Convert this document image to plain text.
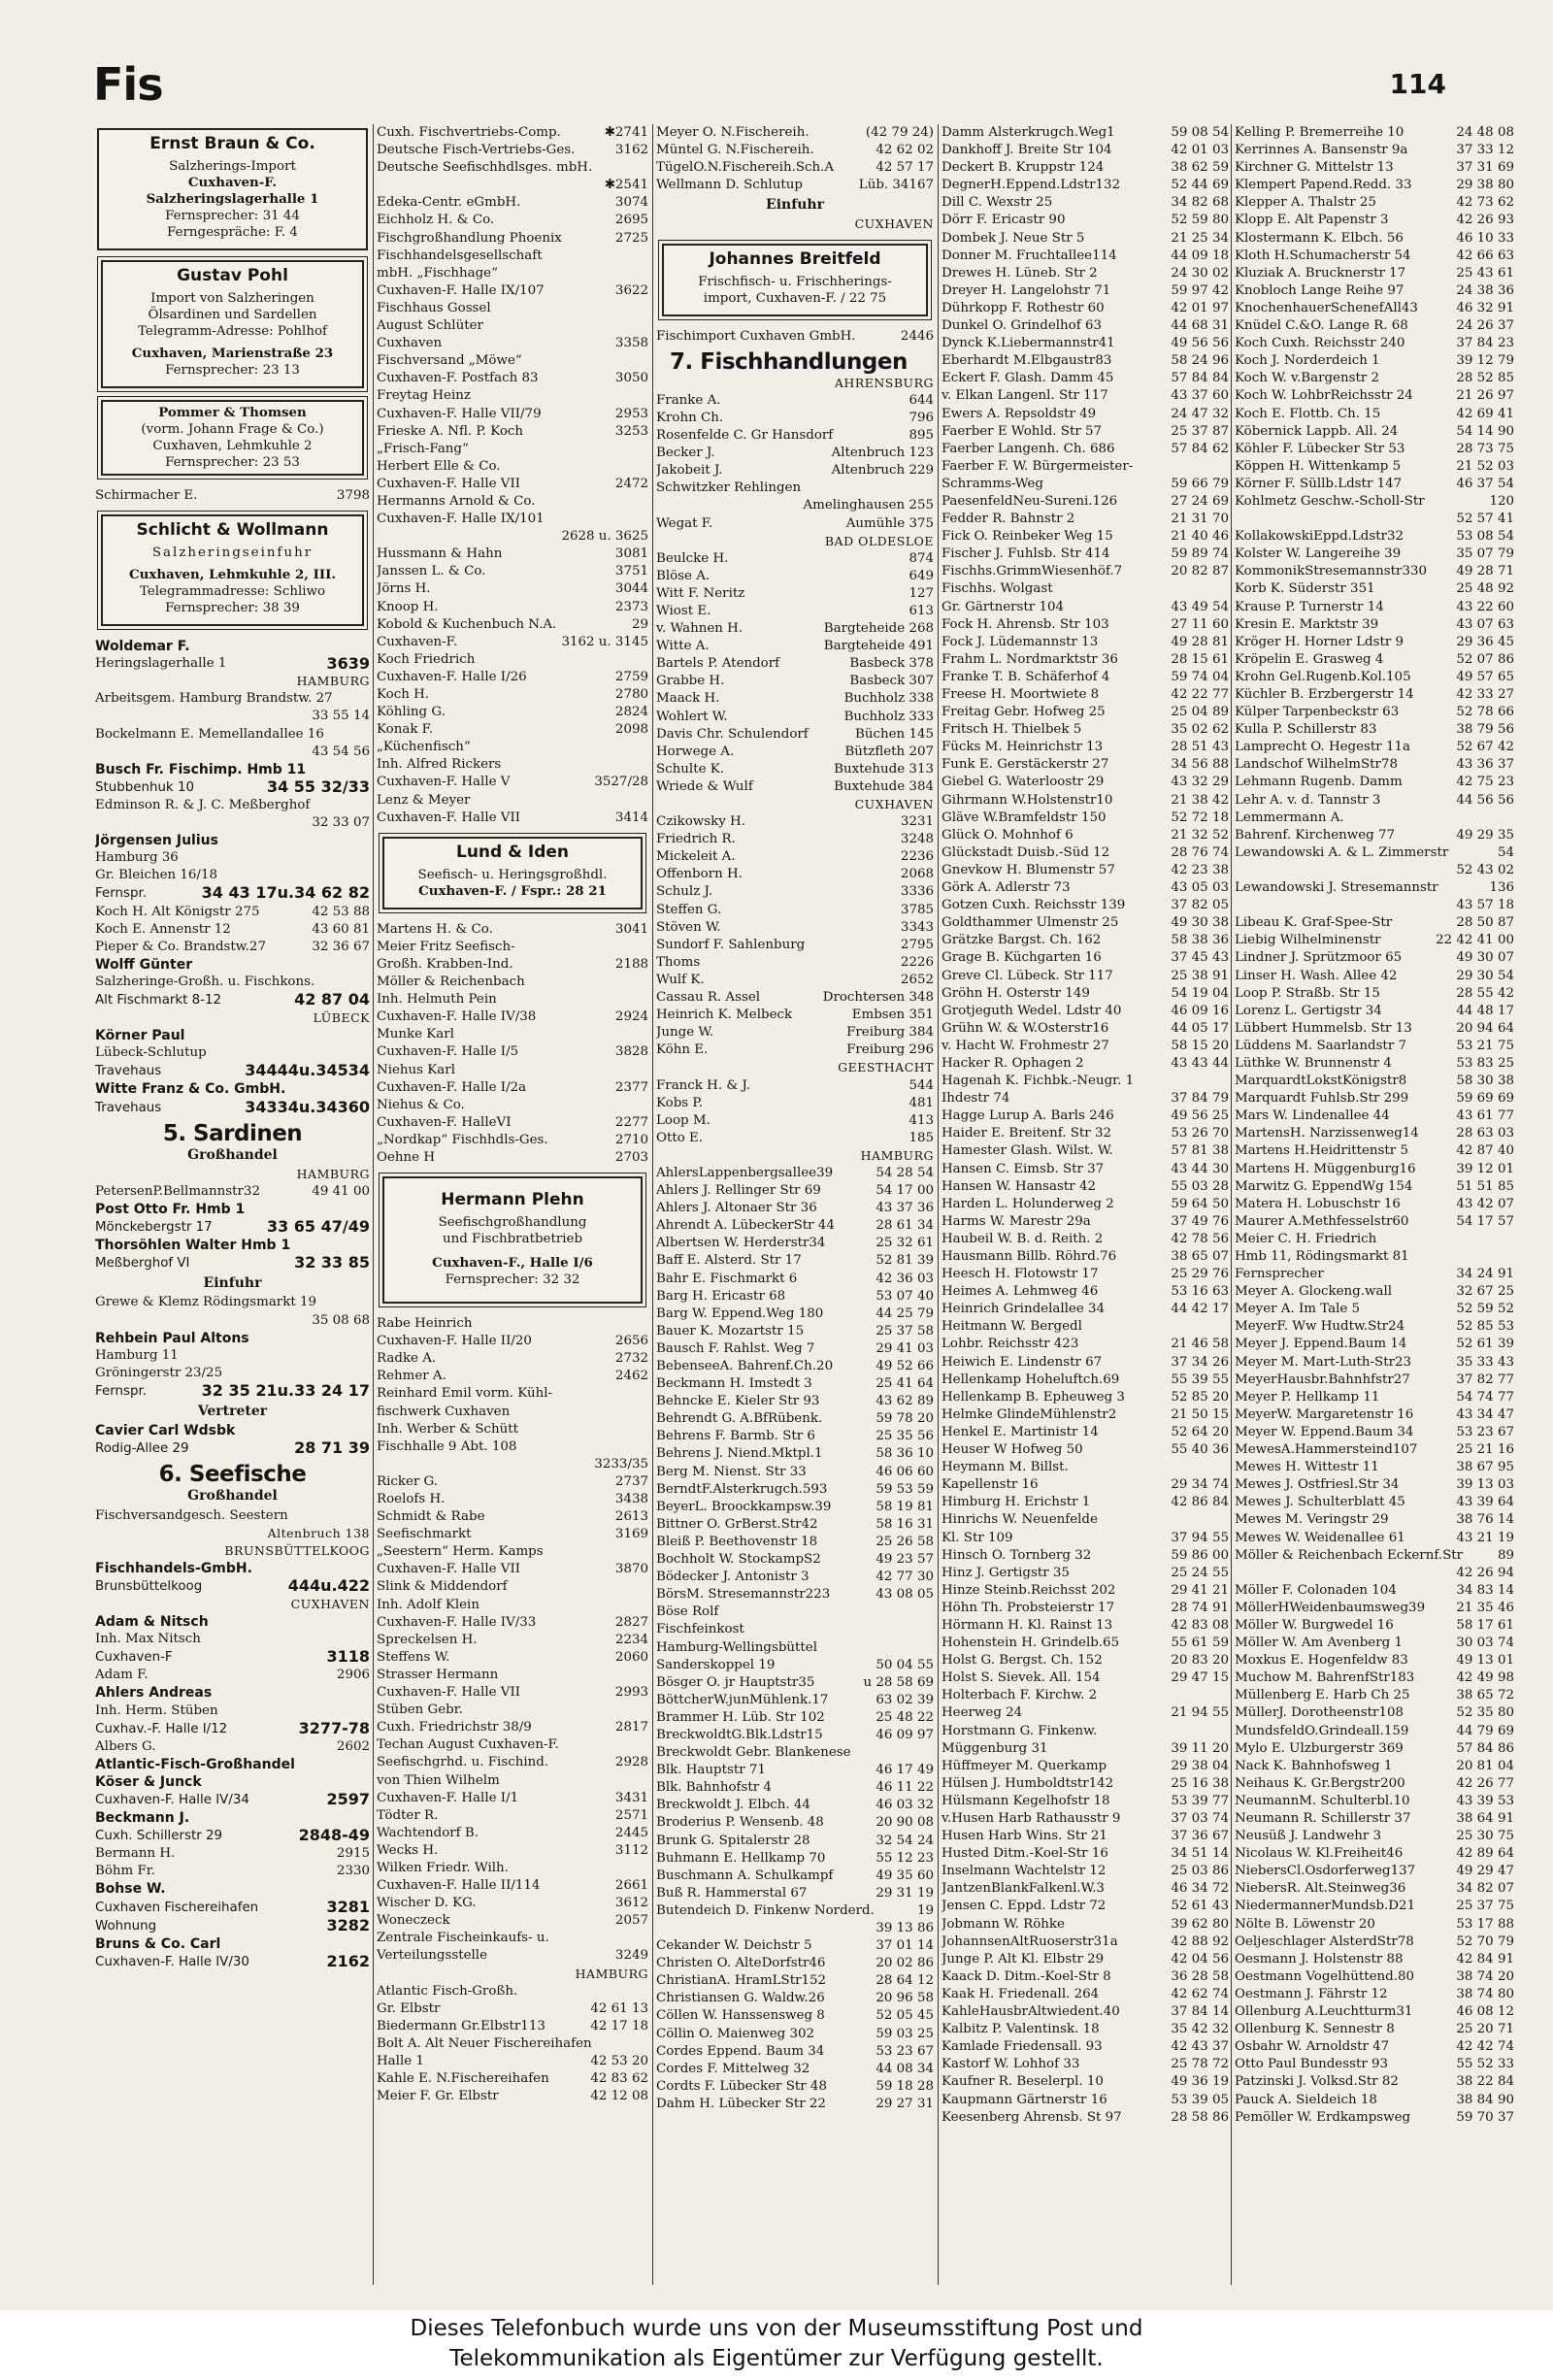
Fis	114
Ernst Braun & Co.
Salzherings-Import
Cuxhaven-F.
Salzheringslagerhalle 1
Fernsprecher: 31 44
Ferngespräche: F. 4
Gustav Pohl
Import von Salzheringen
Ölsardinen und Sardellen
Telegramm-Adresse: Pohlhof
Cuxhaven, Marienstraße 23
Fernsprecher: 23 13
Pommer & Thomsen
(vorm. Johann Frage & Co.)
Cuxhaven, Lehmkuhle 2
Fernsprecher: 23 53
3798
Schirmacher E.
Schlicht & Wollmann
Salzheringseinfuhr
Cuxhaven, Lehmkuhle 2, III.
Telegrammadresse: Schliwo
Fernsprecher: 38 39
Woldemar F.
3639
Heringslagerhalle 1
HAMBURG
Arbeitsgem. Hamburg Brandstw. 27
33 55 14

Bockelmann E. Memellandallee 16
43 54 56

Busch Fr. Fischimp. Hmb 11
34 55 32/33
Stubbenhuk 10
Edminson R. & J. C. Meßberghof
32 33 07

Jörgensen Julius
Hamburg 36
Gr. Bleichen 16/18
34 43 17u.34 62 82
Fernspr.
42 53 88
Koch H. Alt Königstr 275
43 60 81
Koch E. Annenstr 12
32 36 67
Pieper & Co. Brandstw.27
Wolff Günter
Salzheringe-Großh. u. Fischkons.
42 87 04
Alt Fischmarkt 8-12
LÜBECK
Körner Paul
Lübeck-Schlutup
34444u.34534
Travehaus
Witte Franz & Co. GmbH.
34334u.34360
Travehaus
5. Sardinen
Großhandel
HAMBURG
49 41 00
PetersenP.Bellmannstr32
Post Otto Fr. Hmb 1
33 65 47/49
Mönckebergstr 17
Thorsöhlen Walter Hmb 1
32 33 85
Meßberghof VI
Einfuhr
Grewe & Klemz Rödingsmarkt 19
35 08 68

Rehbein Paul Altons
Hamburg 11
Gröningerstr 23/25
32 35 21u.33 24 17
Fernspr.
Vertreter
Cavier Carl Wdsbk
28 71 39
Rodig-Allee 29
6. Seefische
Großhandel
Fischversandgesch. Seestern
Altenbruch 138
BRUNSBÜTTELKOOG
Fischhandels-GmbH.
444u.422
Brunsbüttelkoog
CUXHAVEN
Adam & Nitsch
Inh. Max Nitsch
3118
Cuxhaven-F
2906
Adam F.
Ahlers Andreas
Inh. Herm. Stüben
3277-78
Cuxhav.-F. Halle I/12
2602
Albers G.
Atlantic-Fisch-Großhandel
Köser & Junck
2597
Cuxhaven-F. Halle IV/34
Beckmann J.
2848-49
Cuxh. Schillerstr 29
2915
Bermann H.
2330
Böhm Fr.
Bohse W.
3281
Cuxhaven Fischereihafen
3282
Wohnung
Bruns & Co. Carl
2162
Cuxhaven-F. Halle IV/30
✱2741
Cuxh. Fischvertriebs-Comp.
3162
Deutsche Fisch-Vertriebs-Ges.
Deutsche Seefischhdlsges. mbH.
✱2541

3074
Edeka-Centr. eGmbH.
2695
Eichholz H. & Co.
2725
Fischgroßhandlung Phoenix
Fischhandelsgesellschaft
mbH. „Fischhage“
3622
Cuxhaven-F. Halle IX/107
Fischhaus Gossel
August Schlüter
3358
Cuxhaven
Fischversand „Möwe“
3050
Cuxhaven-F. Postfach 83
Freytag Heinz
2953
Cuxhaven-F. Halle VII/79
3253
Frieske A. Nfl. P. Koch
„Frisch-Fang“
Herbert Elle & Co.
2472
Cuxhaven-F. Halle VII
Hermanns Arnold & Co.
Cuxhaven-F. Halle IX/101
2628 u. 3625

3081
Hussmann & Hahn
3751
Janssen L. & Co.
3044
Jörns H.
2373
Knoop H.
29
Kobold & Kuchenbuch N.A.
3162 u. 3145
Cuxhaven-F.
Koch Friedrich
2759
Cuxhaven-F. Halle I/26
2780
Koch H.
2824
Köhling G.
2098
Konak F.
„Küchenfisch“
Inh. Alfred Rickers
3527/28
Cuxhaven-F. Halle V
Lenz & Meyer
3414
Cuxhaven-F. Halle VII
Lund & Iden
Seefisch- u. Heringsgroßhdl.
Cuxhaven-F. / Fspr.: 28 21
3041
Martens H. & Co.
Meier Fritz Seefisch-
2188
Großh. Krabben-Ind.
Möller & Reichenbach
Inh. Helmuth Pein
2924
Cuxhaven-F. Halle IV/38
Munke Karl
3828
Cuxhaven-F. Halle I/5
Niehus Karl
2377
Cuxhaven-F. Halle I/2a
Niehus & Co.
2277
Cuxhaven-F. HalleVI
2710
„Nordkap“ Fischhdls-Ges.
2703
Oehne H
Hermann Plehn
Seefischgroßhandlung
und Fischbratbetrieb
Cuxhaven-F., Halle I/6
Fernsprecher: 32 32
Rabe Heinrich
2656
Cuxhaven-F. Halle II/20
2732
Radke A.
2462
Rehmer A.
Reinhard Emil vorm. Kühl-
fischwerk Cuxhaven
Inh. Werber & Schütt
Fischhalle 9 Abt. 108
3233/35

2737
Ricker G.
3438
Roelofs H.
2613
Schmidt & Rabe
3169
Seefischmarkt
„Seestern“ Herm. Kamps
3870
Cuxhaven-F. Halle VII
Slink & Middendorf
Inh. Adolf Klein
2827
Cuxhaven-F. Halle IV/33
2234
Spreckelsen H.
2060
Steffens W.
Strasser Hermann
2993
Cuxhaven-F. Halle VII
Stüben Gebr.
2817
Cuxh. Friedrichstr 38/9
Techan August Cuxhaven-F.
2928
Seefischgrhd. u. Fischind.
von Thien Wilhelm
3431
Cuxhaven-F. Halle I/1
2571
Tödter R.
2445
Wachtendorf B.
3112
Wecks H.
Wilken Friedr. Wilh.
2661
Cuxhaven-F. Halle II/114
3612
Wischer D. KG.
2057
Woneczeck
Zentrale Fischeinkaufs- u.
3249
Verteilungsstelle
HAMBURG
Atlantic Fisch-Großh.
42 61 13
Gr. Elbstr
42 17 18
Biedermann Gr.Elbstr113
Bolt A. Alt Neuer Fischereihafen
42 53 20
Halle 1
42 83 62
Kahle E. N.Fischereihafen
42 12 08
Meier F. Gr. Elbstr
(42 79 24)
Meyer O. N.Fischereih.
42 62 02
Müntel G. N.Fischereih.
42 57 17
TügelO.N.Fischereih.Sch.A
Lüb. 34167
Wellmann D. Schlutup
Einfuhr
CUXHAVEN
Johannes Breitfeld
Frischfisch- u. Frischherings-
import, Cuxhaven-F. / 22 75
2446
Fischimport Cuxhaven GmbH.
7. Fischhandlungen
AHRENSBURG
644
Franke A.
796
Krohn Ch.
895
Rosenfelde C. Gr Hansdorf
Altenbruch 123
Becker J.
Altenbruch 229
Jakobeit J.
Schwitzker Rehlingen
Amelinghausen 255

Aumühle 375
Wegat F.
BAD OLDESLOE
874
Beulcke H.
649
Blöse A.
127
Witt F. Neritz
613
Wiost E.
Bargteheide 268
v. Wahnen H.
Bargteheide 491
Witte A.
Basbeck 378
Bartels P. Atendorf
Basbeck 307
Grabbe H.
Buchholz 338
Maack H.
Buchholz 333
Wohlert W.
Büchen 145
Davis Chr. Schulendorf
Bützfleth 207
Horwege A.
Buxtehude 313
Schulte K.
Buxtehude 384
Wriede & Wulf
CUXHAVEN
3231
Czikowsky H.
3248
Friedrich R.
2236
Mickeleit A.
2068
Offenborn H.
3336
Schulz J.
3785
Steffen G.
3343
Stöven W.
2795
Sundorf F. Sahlenburg
2226
Thoms
2652
Wulf K.
Drochtersen 348
Cassau R. Assel
Embsen 351
Heinrich K. Melbeck
Freiburg 384
Junge W.
Freiburg 296
Köhn E.
GEESTHACHT
544
Franck H. & J.
481
Kobs P.
413
Loop M.
185
Otto E.
HAMBURG
54 28 54
AhlersLappenbergsallee39
54 17 00
Ahlers J. Rellinger Str 69
43 37 36
Ahlers J. Altonaer Str 36
28 61 34
Ahrendt A. LübeckerStr 44
25 32 61
Albertsen W. Herderstr34
52 81 39
Baff E. Alsterd. Str 17
42 36 03
Bahr E. Fischmarkt 6
53 07 40
Barg H. Ericastr 68
44 25 79
Barg W. Eppend.Weg 180
25 37 58
Bauer K. Mozartstr 15
29 41 03
Bausch F. Rahlst. Weg 7
49 52 66
BebenseeA. Bahrenf.Ch.20
25 41 64
Beckmann H. Imstedt 3
43 62 89
Behncke E. Kieler Str 93
59 78 20
Behrendt G. A.BfRübenk.
25 35 56
Behrens F. Barmb. Str 6
58 36 10
Behrens J. Niend.Mktpl.1
46 06 60
Berg M. Nienst. Str 33
59 53 59
BerndtF.Alsterkrugch.593
58 19 81
BeyerL. Broockkampsw.39
58 16 31
Bittner O. GrBerst.Str42
25 26 58
Bleiß P. Beethovenstr 18
49 23 57
Bochholt W. StockampS2
42 77 30
Bödecker J. Antonistr 3
43 08 05
BörsM. Stresemannstr223
Böse Rolf
Fischfeinkost
Hamburg-Wellingsbüttel
50 04 55
Sanderskoppel 19
u 28 58 69
Bösger O. jr Hauptstr35
63 02 39
BöttcherW.junMühlenk.17
25 48 22
Brammer H. Lüb. Str 102
46 09 97
BreckwoldtG.Blk.Ldstr15
Breckwoldt Gebr. Blankenese
46 17 49
Blk. Hauptstr 71
46 11 22
Blk. Bahnhofstr 4
46 03 32
Breckwoldt J. Elbch. 44
20 90 08
Broderius P. Wensenb. 48
32 54 24
Brunk G. Spitalerstr 28
55 12 23
Buhmann E. Hellkamp 70
49 35 60
Buschmann A. Schulkampf
29 31 19
Buß R. Hammerstal 67
19
Butendeich D. Finkenw Norderd.
39 13 86

37 01 14
Cekander W. Deichstr 5
20 02 86
Christen O. AlteDorfstr46
28 64 12
ChristianA. HramLStr152
20 96 58
Christiansen G. Waldw.26
52 05 45
Cöllen W. Hanssensweg 8
59 03 25
Cöllin O. Maienweg 302
53 23 67
Cordes Eppend. Baum 34
44 08 34
Cordes F. Mittelweg 32
59 18 28
Cordts F. Lübecker Str 48
29 27 31
Dahm H. Lübecker Str 22
59 08 54
Damm Alsterkrugch.Weg1
42 01 03
Dankhoff J. Breite Str 104
38 62 59
Deckert B. Kruppstr 124
52 44 69
DegnerH.Eppend.Ldstr132
34 82 68
Dill C. Wexstr 25
52 59 80
Dörr F. Ericastr 90
21 25 34
Dombek J. Neue Str 5
44 09 18
Donner M. Fruchtallee114
24 30 02
Drewes H. Lüneb. Str 2
59 97 42
Dreyer H. Langelohstr 71
42 01 97
Dührkopp F. Rothestr 60
44 68 31
Dunkel O. Grindelhof 63
49 56 56
Dynck K.Liebermannstr41
58 24 96
Eberhardt M.Elbgaustr83
57 84 84
Eckert F. Glash. Damm 45
43 37 60
v. Elkan Langenl. Str 117
24 47 32
Ewers A. Repsoldstr 49
25 37 87
Faerber E Wohld. Str 57
57 84 62
Faerber Langenh. Ch. 686
Faerber F. W. Bürgermeister-
59 66 79
Schramms-Weg
27 24 69
PaesenfeldNeu-Sureni.126
21 31 70
Fedder R. Bahnstr 2
21 40 46
Fick O. Reinbeker Weg 15
59 89 74
Fischer J. Fuhlsb. Str 414
20 82 87
Fischhs.GrimmWiesenhöf.7
Fischhs. Wolgast
43 49 54
Gr. Gärtnerstr 104
27 11 60
Fock H. Ahrensb. Str 103
49 28 81
Fock J. Lüdemannstr 13
28 15 61
Frahm L. Nordmarktstr 36
59 74 04
Franke T. B. Schäferhof 4
42 22 77
Freese H. Moortwiete 8
25 04 89
Freitag Gebr. Hofweg 25
35 02 62
Fritsch H. Thielbek 5
28 51 43
Fücks M. Heinrichstr 13
34 56 88
Funk E. Gerstäckerstr 27
43 32 29
Giebel G. Waterloostr 29
21 38 42
Gihrmann W.Holstenstr10
52 72 18
Gläve W.Bramfeldstr 150
21 32 52
Glück O. Mohnhof 6
28 76 74
Glückstadt Duisb.-Süd 12
42 23 38
Gnevkow H. Blumenstr 57
43 05 03
Görk A. Adlerstr 73
37 82 05
Gotzen Cuxh. Reichsstr 139
49 30 38
Goldthammer Ulmenstr 25
58 38 36
Grätzke Bargst. Ch. 162
37 45 43
Grage B. Küchgarten 16
25 38 91
Greve Cl. Lübeck. Str 117
54 19 04
Gröhn H. Osterstr 149
46 09 16
Grotjeguth Wedel. Ldstr 40
44 05 17
Grühn W. & W.Osterstr16
58 15 20
v. Hacht W. Frohmestr 27
43 43 44
Hacker R. Ophagen 2
Hagenah K. Fichbk.-Neugr. 1
37 84 79
Ihdestr 74
49 56 25
Hagge Lurup A. Barls 246
53 26 70
Haider E. Breitenf. Str 32
57 81 38
Hamester Glash. Wilst. W.
43 44 30
Hansen C. Eimsb. Str 37
55 03 28
Hansen W. Hansastr 42
59 64 50
Harden L. Holunderweg 2
37 49 76
Harms W. Marestr 29a
42 78 56
Haubeil W. B. d. Reith. 2
38 65 07
Hausmann Billb. Röhrd.76
25 29 76
Heesch H. Flotowstr 17
53 16 63
Heimes A. Lehmweg 46
44 42 17
Heinrich Grindelallee 34
Heitmann W. Bergedl
21 46 58
Lohbr. Reichsstr 423
37 34 26
Heiwich E. Lindenstr 67
55 39 55
Hellenkamp Hoheluftch.69
52 85 20
Hellenkamp B. Epheuweg 3
21 50 15
Helmke GlindeMühlenstr2
52 64 20
Henkel E. Martinistr 14
55 40 36
Heuser W Hofweg 50
Heymann M. Billst.
29 34 74
Kapellenstr 16
42 86 84
Himburg H. Erichstr 1
Hinrichs W. Neuenfelde
37 94 55
Kl. Str 109
59 86 00
Hinsch O. Tornberg 32
25 24 55
Hinz J. Gertigstr 35
29 41 21
Hinze Steinb.Reichsst 202
28 74 91
Höhn Th. Probsteierstr 17
42 83 08
Hörmann H. Kl. Rainst 13
55 61 59
Hohenstein H. Grindelb.65
20 83 20
Holst G. Bergst. Ch. 152
29 47 15
Holst S. Sievek. All. 154
Holterbach F. Kirchw. 2
21 94 55
Heerweg 24
Horstmann G. Finkenw.
39 11 20
Müggenburg 31
29 38 04
Hüffmeyer M. Querkamp
25 16 38
Hülsen J. Humboldtstr142
53 39 77
Hülsmann Kegelhofstr 18
37 03 74
v.Husen Harb Rathausstr 9
37 36 67
Husen Harb Wins. Str 21
34 51 14
Husted Ditm.-Koel-Str 16
25 03 86
Inselmann Wachtelstr 12
46 34 72
JantzenBlankFalkenl.W.3
52 61 43
Jensen C. Eppd. Ldstr 72
39 62 80
Jobmann W. Röhke
42 88 92
JohannsenAltRuoserstr31a
42 04 56
Junge P. Alt Kl. Elbstr 29
36 28 58
Kaack D. Ditm.-Koel-Str 8
42 62 74
Kaak H. Friedenall. 264
37 84 14
KahleHausbrAltwiedent.40
35 42 32
Kalbitz P. Valentinsk. 18
42 43 37
Kamlade Friedensall. 93
25 78 72
Kastorf W. Lohhof 33
49 36 19
Kaufner R. Beselerpl. 10
53 39 05
Kaupmann Gärtnerstr 16
28 58 86
Keesenberg Ahrensb. St 97
24 48 08
Kelling P. Bremerreihe 10
37 33 12
Kerrinnes A. Bansenstr 9a
37 31 69
Kirchner G. Mittelstr 13
29 38 80
Klempert Papend.Redd. 33
42 73 62
Klepper A. Thalstr 25
42 26 93
Klopp E. Alt Papenstr 3
46 10 33
Klostermann K. Elbch. 56
42 66 63
Kloth H.Schumacherstr 54
25 43 61
Kluziak A. Brucknerstr 17
24 38 36
Knobloch Lange Reihe 97
46 32 91
KnochenhauerSchenefAll43
24 26 37
Knüdel C.&O. Lange R. 68
37 84 23
Koch Cuxh. Reichsstr 240
39 12 79
Koch J. Norderdeich 1
28 52 85
Koch W. v.Bargenstr 2
21 26 97
Koch W. LohbrReichsstr 24
42 69 41
Koch E. Flottb. Ch. 15
54 14 90
Köbernick Lappb. All. 24
28 73 75
Köhler F. Lübecker Str 53
21 52 03
Köppen H. Wittenkamp 5
46 37 54
Körner F. Süllb.Ldstr 147
120
Kohlmetz Geschw.-Scholl-Str
52 57 41

53 08 54
KollakowskiEppd.Ldstr32
35 07 79
Kolster W. Langereihe 39
49 28 71
KommonikStresemannstr330
25 48 92
Korb K. Süderstr 351
43 22 60
Krause P. Turnerstr 14
43 07 63
Kresin E. Marktstr 39
29 36 45
Kröger H. Horner Ldstr 9
52 07 86
Kröpelin E. Grasweg 4
49 57 65
Krohn Gel.Rugenb.Kol.105
42 33 27
Küchler B. Erzbergerstr 14
52 78 66
Külper Tarpenbeckstr 63
38 79 56
Kulla P. Schillerstr 83
52 67 42
Lamprecht O. Hegestr 11a
43 36 37
Landschof WilhelmStr78
42 75 23
Lehmann Rugenb. Damm
44 56 56
Lehr A. v. d. Tannstr 3
Lemmermann A.
49 29 35
Bahrenf. Kirchenweg 77
54
Lewandowski A. & L. Zimmerstr
52 43 02

136
Lewandowski J. Stresemannstr
43 57 18

28 50 87
Libeau K. Graf-Spee-Str
22 42 41 00
Liebig Wilhelminenstr
49 30 07
Lindner J. Sprützmoor 65
29 30 54
Linser H. Wash. Allee 42
28 55 42
Loop P. Straßb. Str 15
44 48 17
Lorenz L. Gertigstr 34
20 94 64
Lübbert Hummelsb. Str 13
53 21 75
Lüddens M. Saarlandstr 7
53 83 25
Lüthke W. Brunnenstr 4
58 30 38
MarquardtLokstKönigstr8
59 69 69
Marquardt Fuhlsb.Str 299
43 61 77
Mars W. Lindenallee 44
28 63 03
MartensH. Narzissenweg14
42 87 40
Martens H.Heidrittenstr 5
39 12 01
Martens H. Müggenburg16
51 51 85
Marwitz G. EppendWg 154
43 42 07
Matera H. Lobuschstr 16
54 17 57
Maurer A.Methfesselstr60
Meier C. H. Friedrich
Hmb 11, Rödingsmarkt 81
34 24 91
Fernsprecher
32 67 25
Meyer A. Glockeng.wall
52 59 52
Meyer A. Im Tale 5
52 85 53
MeyerF. Ww Hudtw.Str24
52 61 39
Meyer J. Eppend.Baum 14
35 33 43
Meyer M. Mart-Luth-Str23
37 82 77
MeyerHausbr.Bahnhfstr27
54 74 77
Meyer P. Hellkamp 11
43 34 47
MeyerW. Margaretenstr 16
53 23 67
Meyer W. Eppend.Baum 34
25 21 16
MewesA.Hammersteind107
38 67 95
Mewes H. Wittestr 11
39 13 03
Mewes J. Ostfriesl.Str 34
43 39 64
Mewes J. Schulterblatt 45
38 76 14
Mewes M. Veringstr 29
43 21 19
Mewes W. Weidenallee 61
89
Möller & Reichenbach Eckernf.Str
42 26 94

34 83 14
Möller F. Colonaden 104
21 35 46
MöllerHWeidenbaumsweg39
58 17 61
Möller W. Burgwedel 16
30 03 74
Möller W. Am Avenberg 1
49 13 01
Moxkus E. Hogenfeldw 83
42 49 98
Muchow M. BahrenfStr183
38 65 72
Müllenberg E. Harb Ch 25
52 35 80
MüllerJ. Dorotheenstr108
44 79 69
MundsfeldO.Grindeall.159
57 84 86
Mylo E. Ulzburgerstr 369
20 81 04
Nack K. Bahnhofsweg 1
42 26 77
Neihaus K. Gr.Bergstr200
43 39 53
NeumannM. Schulterbl.10
38 64 91
Neumann R. Schillerstr 37
25 30 75
Neusüß J. Landwehr 3
42 89 64
Nicolaus W. Kl.Freiheit46
49 29 47
NiebersCl.Osdorferweg137
34 82 07
NiebersR. Alt.Steinweg36
25 37 75
NiedermannerMundsb.D21
53 17 88
Nölte B. Löwenstr 20
52 70 79
Oeljeschlager AlsterdStr78
42 84 91
Oesmann J. Holstenstr 88
38 74 20
Oestmann Vogelhüttend.80
38 74 80
Oestmann J. Fährstr 12
46 08 12
Ollenburg A.Leuchtturm31
25 20 71
Ollenburg K. Sennestr 8
42 42 74
Osbahr W. Arnoldstr 47
55 52 33
Otto Paul Bundesstr 93
38 22 84
Patzinski J. Volksd.Str 82
38 84 90
Pauck A. Sieldeich 18
59 70 37
Pemöller W. Erdkampsweg
Dieses Telefonbuch wurde uns von der Museumsstiftung Post und
Telekommunikation als Eigentümer zur Verfügung gestellt.
